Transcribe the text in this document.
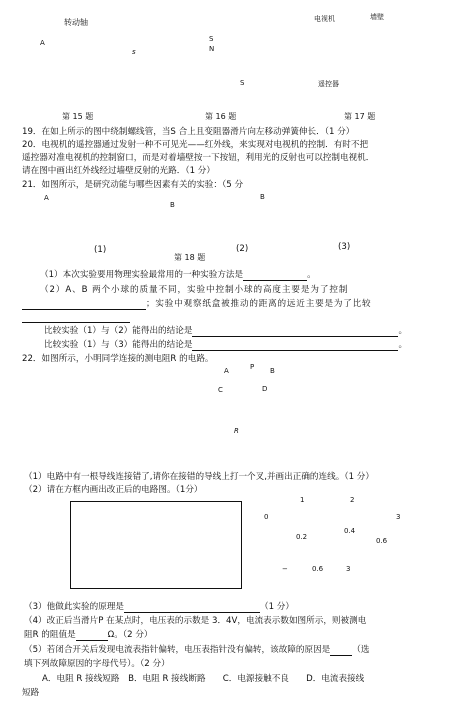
转动轴
A
s
第 15 题
S
N
S
第 16 题
电视机	墙壁
遥控器
第 17 题
19．在如上所示的图中绕制螺线管，当S 合上且变阻器滑片向左移动弹簧伸长．（1 分）
20．电视机的遥控器通过发射一种不可见光——红外线，来实现对电视机的控制．有时不把
遥控器对准电视机的控制窗口，而是对着墙壁按一下按钮，利用光的反射也可以控制电视机．
请在图中画出红外线经过墙壁反射的光路．（1 分）
21．如图所示，是研究动能与哪些因素有关的实验：（5 分
A
B
B
(1)	(2)	(3)
第 18 题
（1）本次实验要用物理实验最常用的一种实验方法是	。
（2）A、B 两个小球的质量不同，实验中控制小球的高度主要是为了控制
；实验中观察纸盒被推动的距离的远近主要是为了比较
比较实验（1）与（2）能得出的结论是	。
比较实验（1）与（3）能得出的结论是	。
22．如图所示，小明同学连接的测电阻R 的电路。
A	P B
C	D
R
（1）电路中有一根导线连接错了,请你在接错的导线上打一个叉,并画出正确的连线。（1 分）
（2）请在方框内画出改正后的电路图。（1分）
0
1	2
3
0.2
0.4
0.6
−	0.6	3
（3）他做此实验的原理是	（1 分）
（4）改正后当滑片P 在某点时，电压表的示数是 3．4V，电流表示数如图所示，则被测电
阻R 的阻值是	Ω。（2 分）
（5）若闭合开关后发现电流表指针偏转，电压表指针没有偏转，该故障的原因是	（选
填下列故障原因的字母代号）。（2 分）
A．电阻 R 接线短路　B．电阻 R 接线断路　　C．电源接触不良　　D．电流表接线
短路
